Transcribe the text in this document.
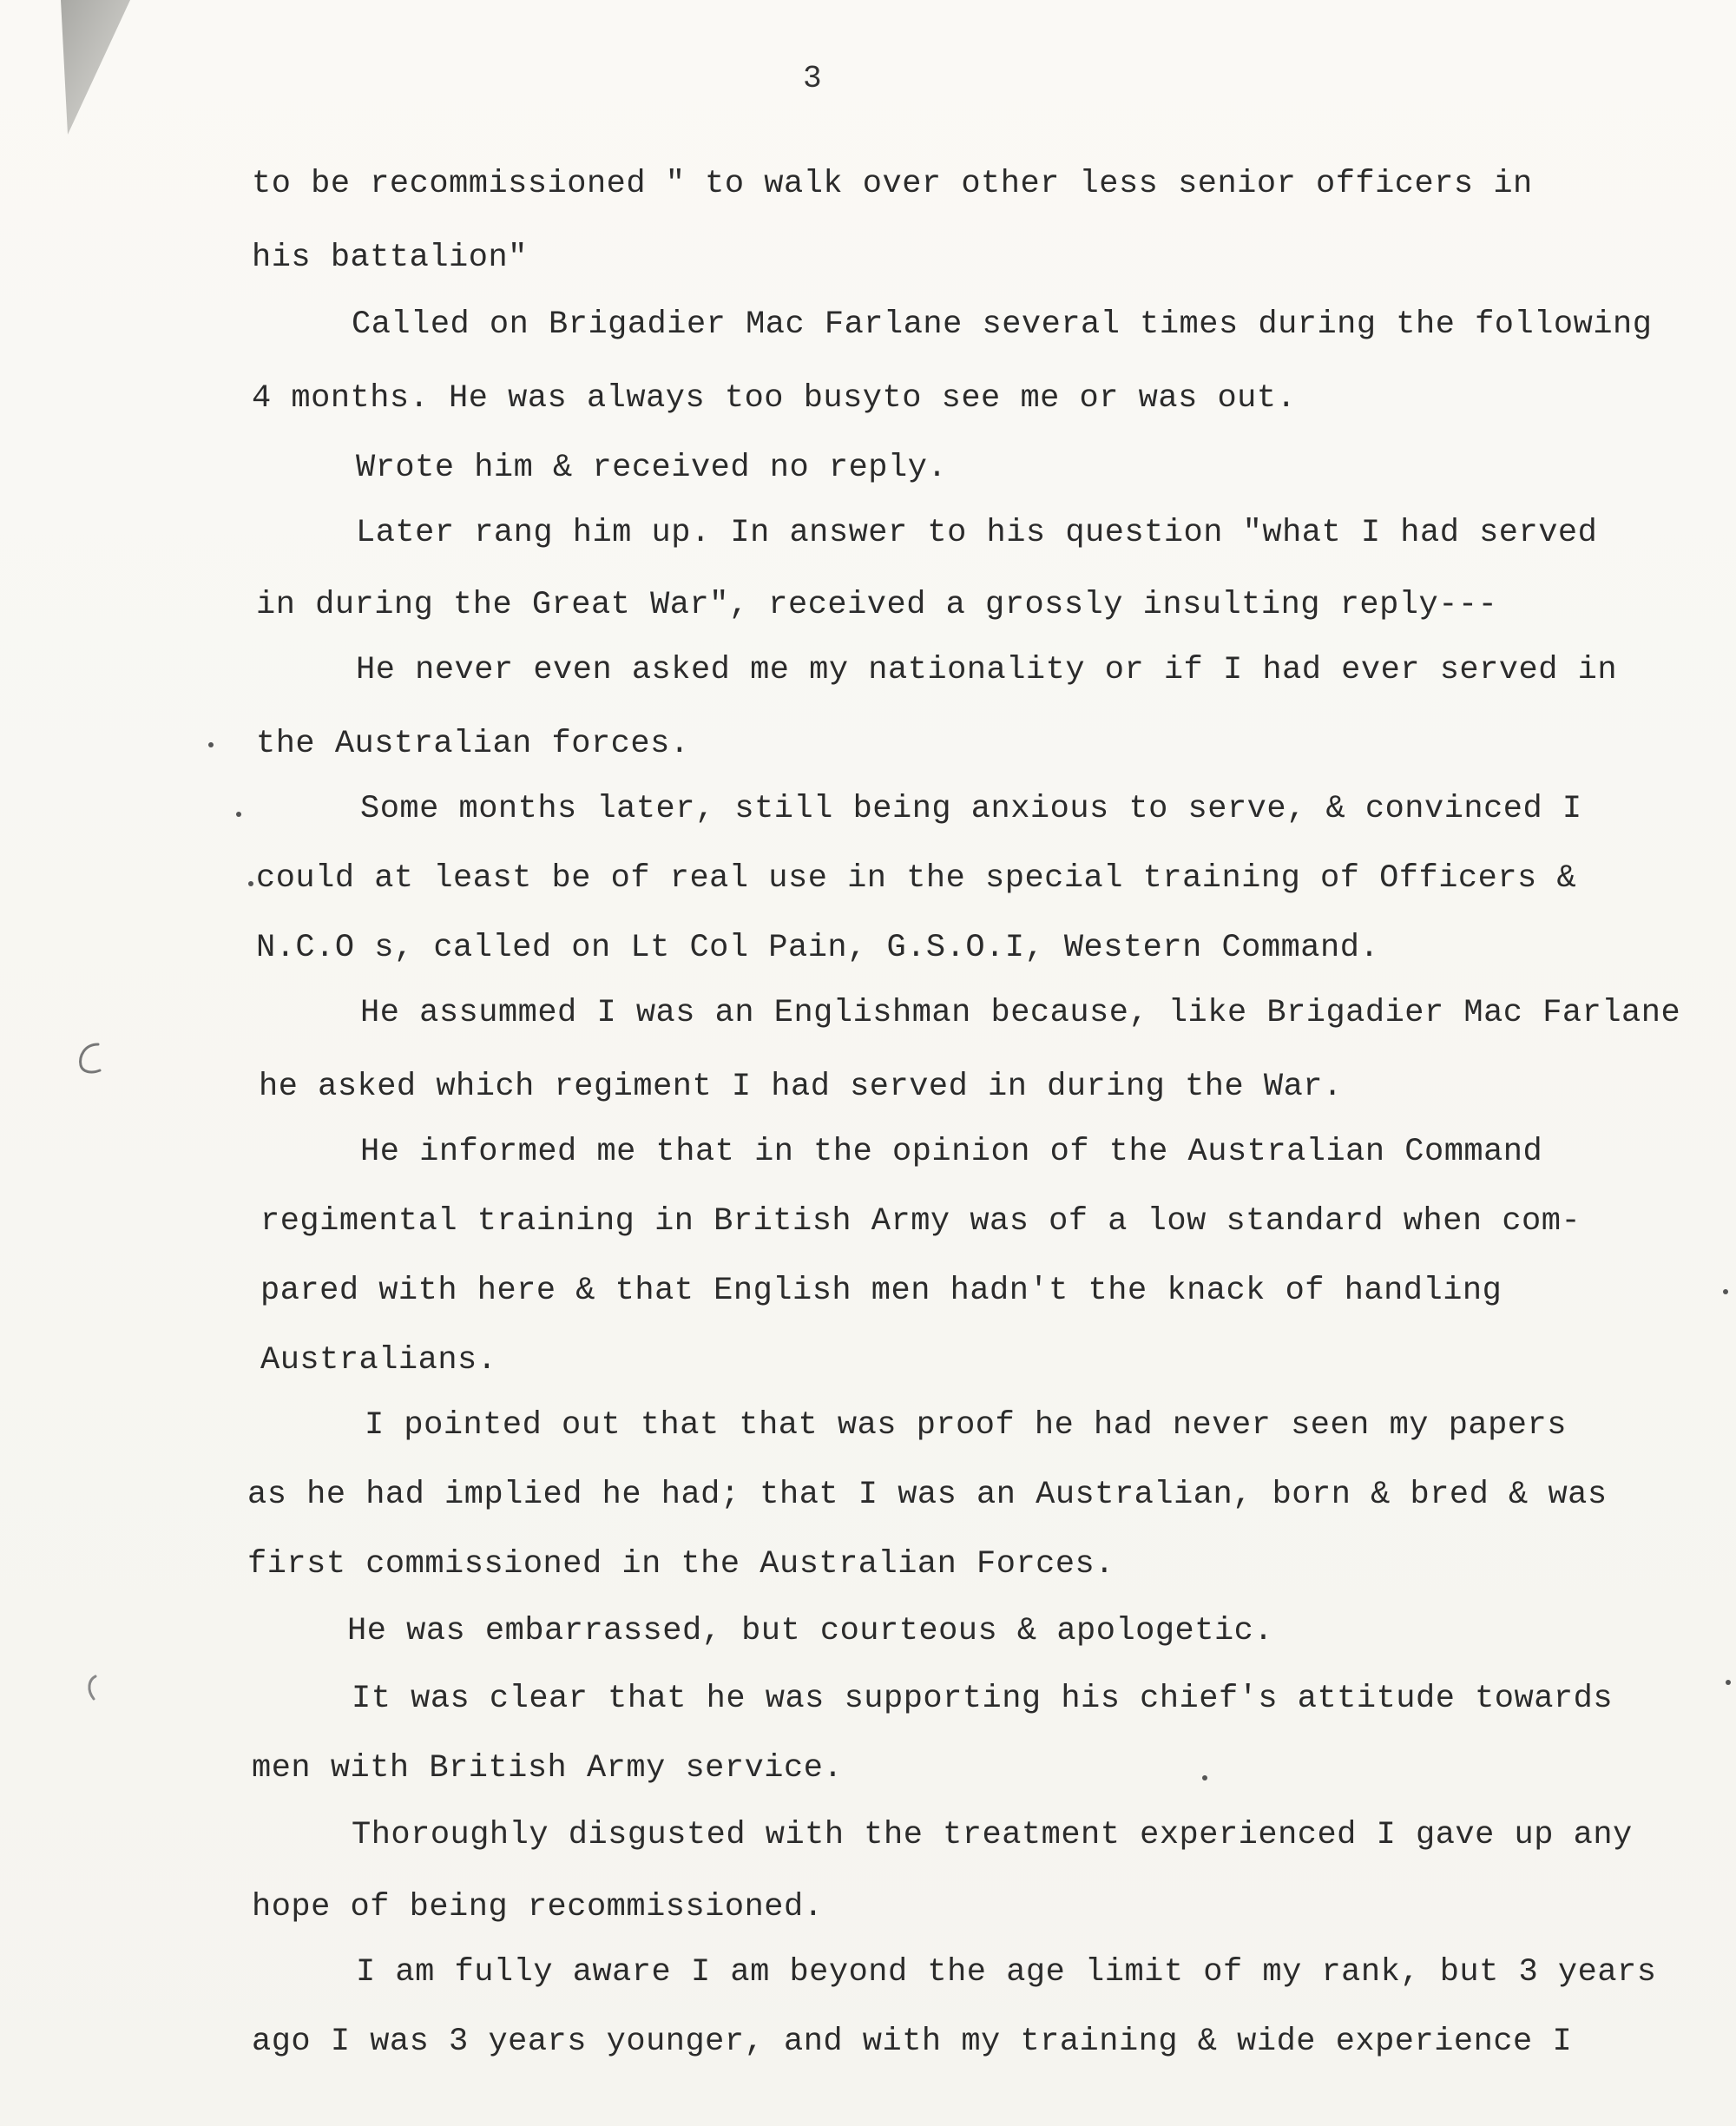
3
to be recommissioned " to walk over other less senior officers in
his battalion"
Called on Brigadier Mac Farlane several times during the following
4 months. He was always too busyto see me or was out.
Wrote him & received no reply.
Later rang him up. In answer to his question "what I had served
in during the Great War", received a grossly insulting reply---
He never even asked me my nationality or if I had ever served in
the Australian forces.
Some months later, still being anxious to serve, & convinced I
could at least be of real use in the special training of Officers &
N.C.O s, called on Lt Col Pain, G.S.O.I, Western Command.
He assummed I was an Englishman because, like Brigadier Mac Farlane
he asked which regiment I had served in during the War.
He informed me that in the opinion of the Australian Command
regimental training in British Army was of a low standard when com-
pared with here & that English men hadn't the knack of handling
Australians.
I pointed out that that was proof he had never seen my papers
as he had implied he had; that I was an Australian, born & bred & was
first commissioned in the Australian Forces.
He was embarrassed, but courteous & apologetic.
It was clear that he was supporting his chief's attitude towards
men with British Army service.
Thoroughly disgusted with the treatment experienced I gave up any
hope of being recommissioned.
I am fully aware I am beyond the age limit of my rank, but 3 years
ago I was 3 years younger, and with my training & wide experience I
